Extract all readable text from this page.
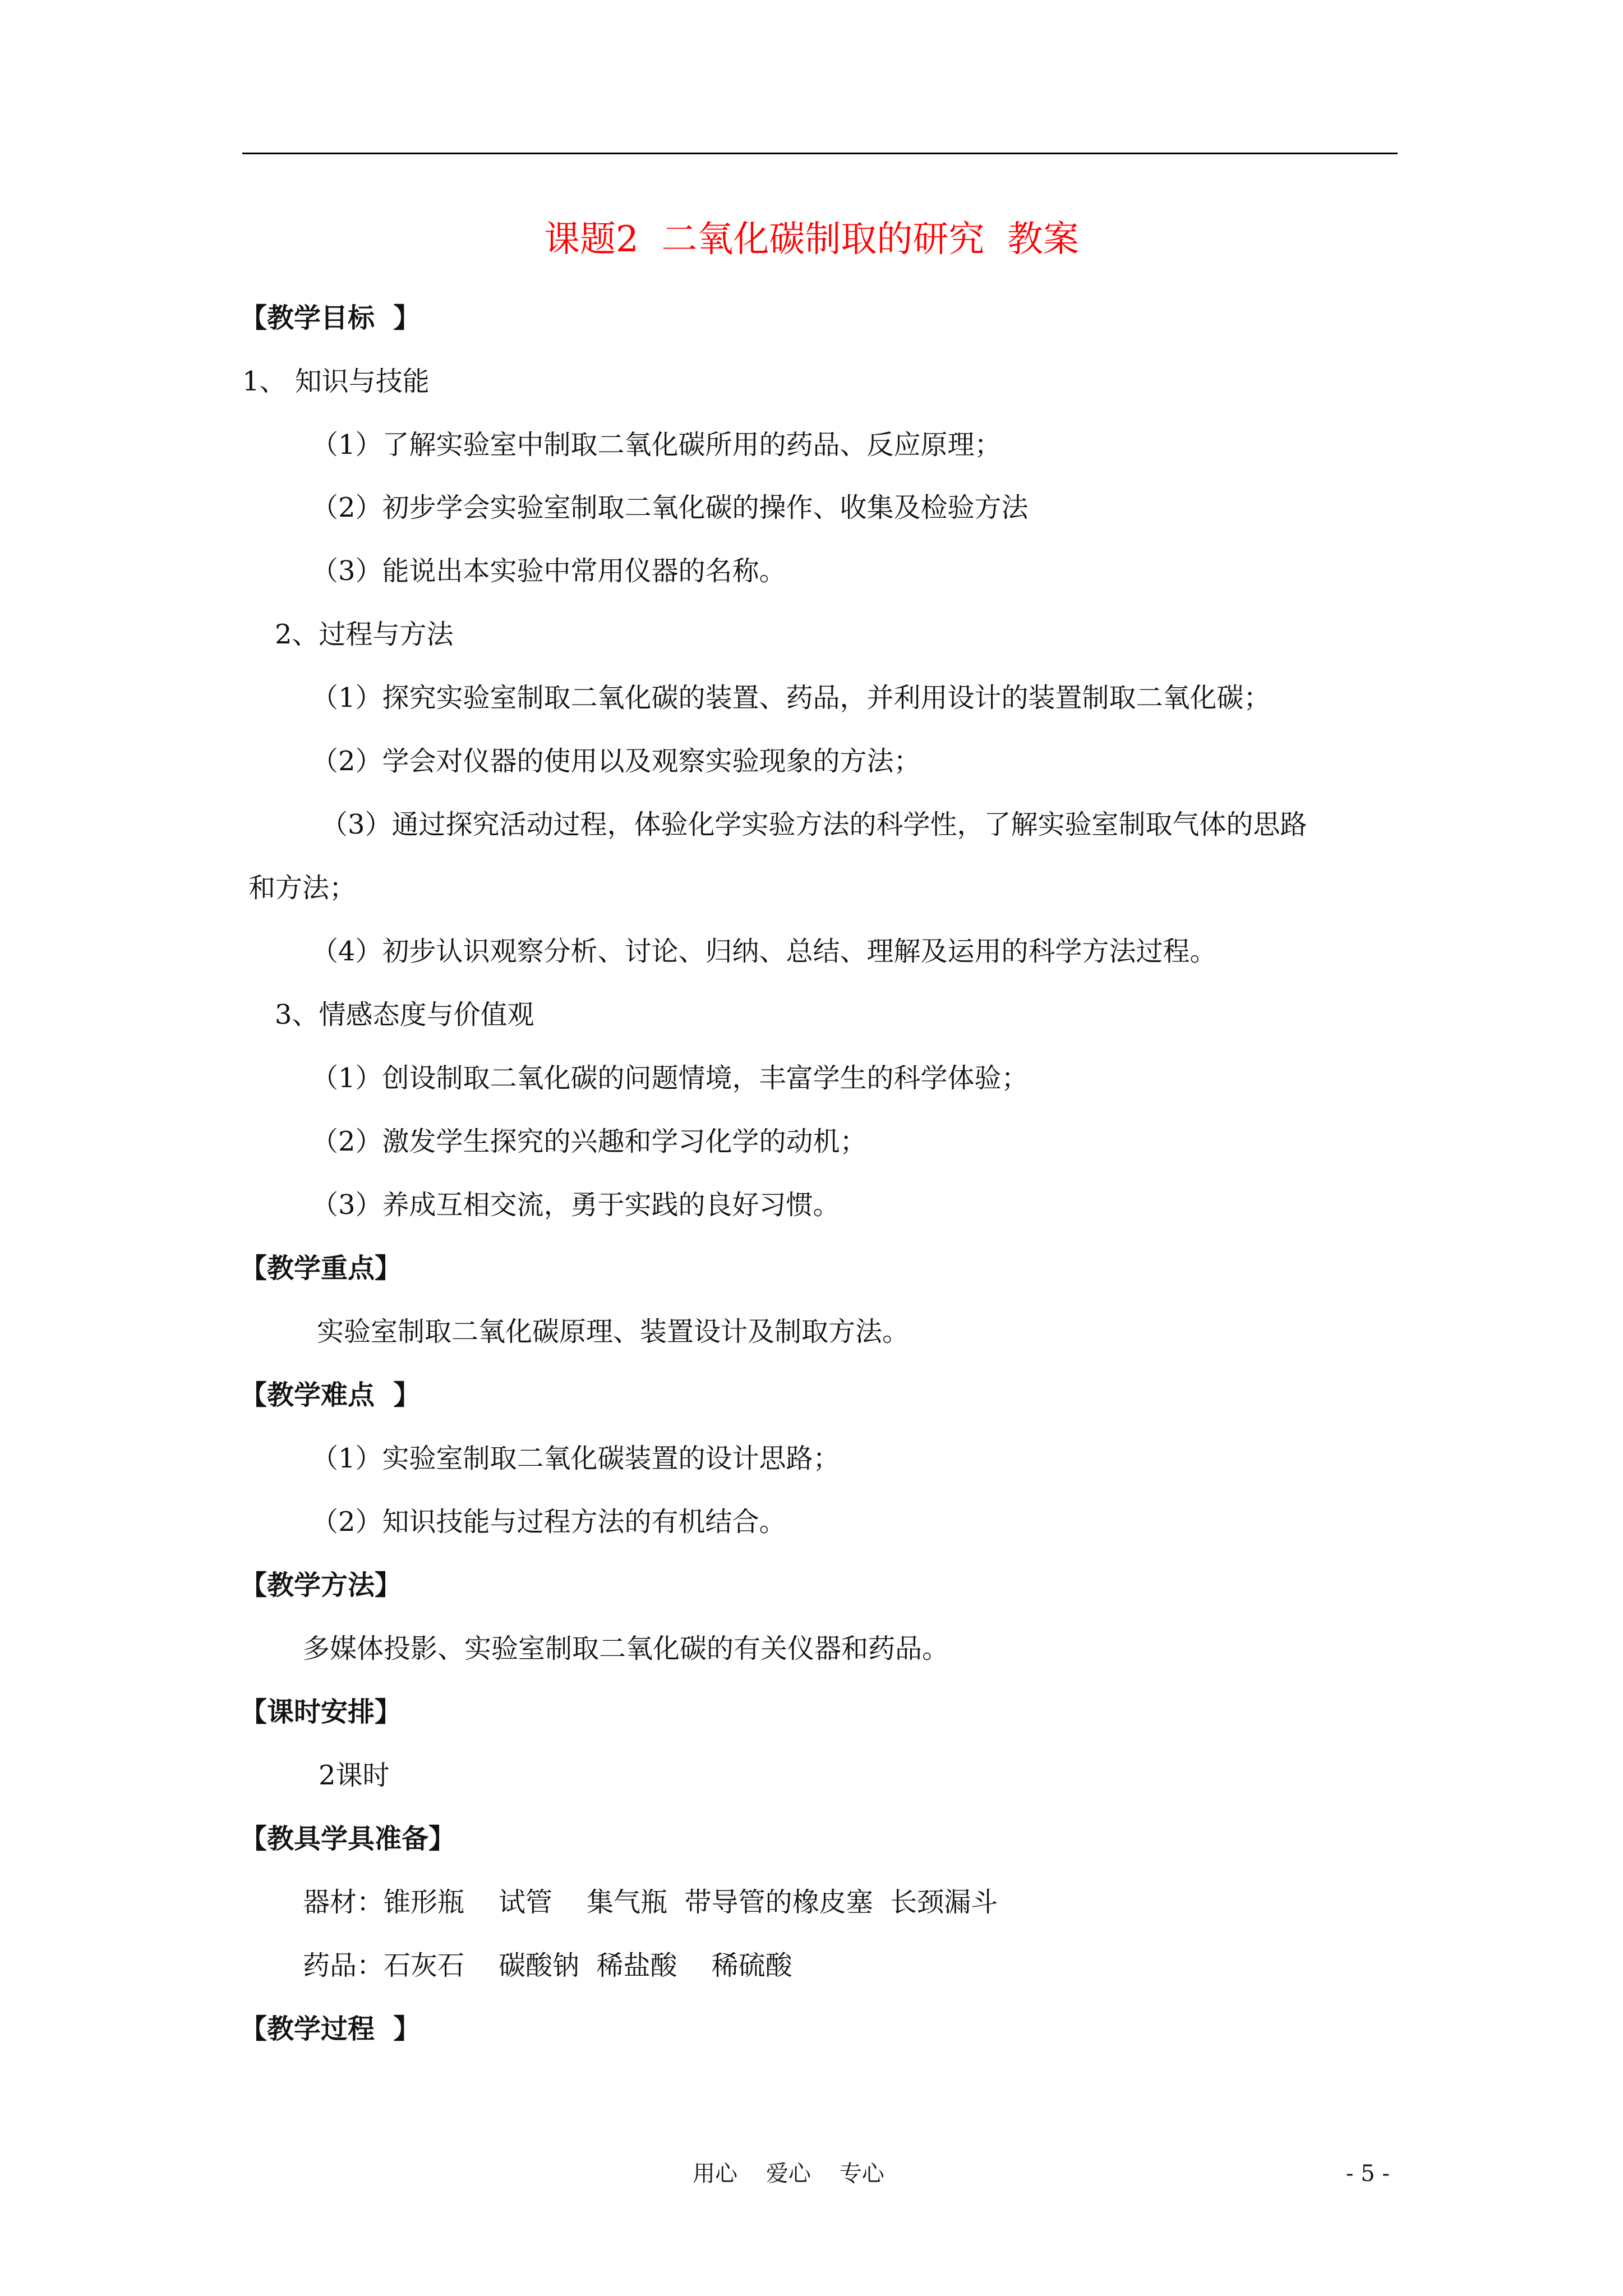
课题2  二氧化碳制取的研究  教案
【教学目标  】
1、 知识与技能
（1）了解实验室中制取二氧化碳所用的药品、反应原理；
（2）初步学会实验室制取二氧化碳的操作、收集及检验方法
（3）能说出本实验中常用仪器的名称。
2、过程与方法
（1）探究实验室制取二氧化碳的装置、药品，并利用设计的装置制取二氧化碳；
（2）学会对仪器的使用以及观察实验现象的方法；
（3）通过探究活动过程，体验化学实验方法的科学性，了解实验室制取气体的思路
和方法；
（4）初步认识观察分析、讨论、归纳、总结、理解及运用的科学方法过程。
3、情感态度与价值观
（1）创设制取二氧化碳的问题情境，丰富学生的科学体验；
（2）激发学生探究的兴趣和学习化学的动机；
（3）养成互相交流，勇于实践的良好习惯。
【教学重点】
实验室制取二氧化碳原理、装置设计及制取方法。
【教学难点  】
（1）实验室制取二氧化碳装置的设计思路；
（2）知识技能与过程方法的有机结合。
【教学方法】
多媒体投影、实验室制取二氧化碳的有关仪器和药品。
【课时安排】
2课时
【教具学具准备】
器材：锥形瓶    试管    集气瓶  带导管的橡皮塞  长颈漏斗
药品：石灰石    碳酸钠  稀盐酸    稀硫酸
【教学过程  】
用心    爱心    专心	- 5 -
